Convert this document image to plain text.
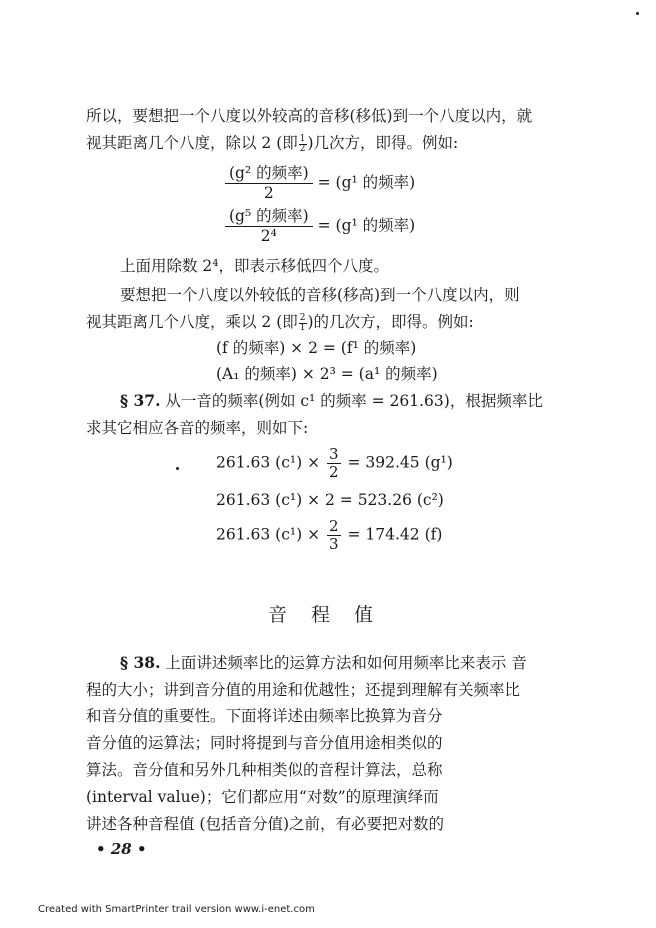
所以，要想把一个八度以外较高的音移(移低)到一个八度以内，就
视其距离几个八度，除以 2 (即 $\frac{1}{2}$ )几次方，即得。例如:
$\frac{\text{(g² 的频率)}}{2} = (g^1$ 的频率)
$\frac{\text{(g⁵ 的频率)}}{\text{2⁴}} = (g^1$ 的频率)
上面用除数 2⁴，即表示移低四个八度。
要想把一个八度以外较低的音移(移高)到一个八度以内，则
视其距离几个八度，乘以 2 (即 $\frac{2}{1}$ )的几次方，即得。例如:
(f 的频率) × 2 = (f¹ 的频率)
(A₁ 的频率) × 2³ = (a¹ 的频率)
§ 37. 从一音的频率(例如 c¹ 的频率 = 261.63)，根据频率比
求其它相应各音的频率，则如下:
261.63 $(c^1) \times \frac{3}{2} = 392.45$ (g¹)
261.63 (c¹) × 2 = 523.26 (c²)
261.63 $(c^1) \times \frac{2}{3} = 174.42$ (f)
音程值
§ 38. 上面讲述频率比的运算方法和如何用频率比来表示 音
程的大小；讲到音分值的用途和优越性；还提到理解有关频率比
和音分值的重要性。下面将详述由频率比换算为音分
音分值的运算法；同时将提到与音分值用途相类似的
算法。音分值和另外几种相类似的音程计算法，总称
(interval value)；它们都应用“对数”的原理演绎而
讲述各种音程值 (包括音分值)之前，有必要把对数的
• 28 •
Created with SmartPrinter trail version www.i-enet.com
